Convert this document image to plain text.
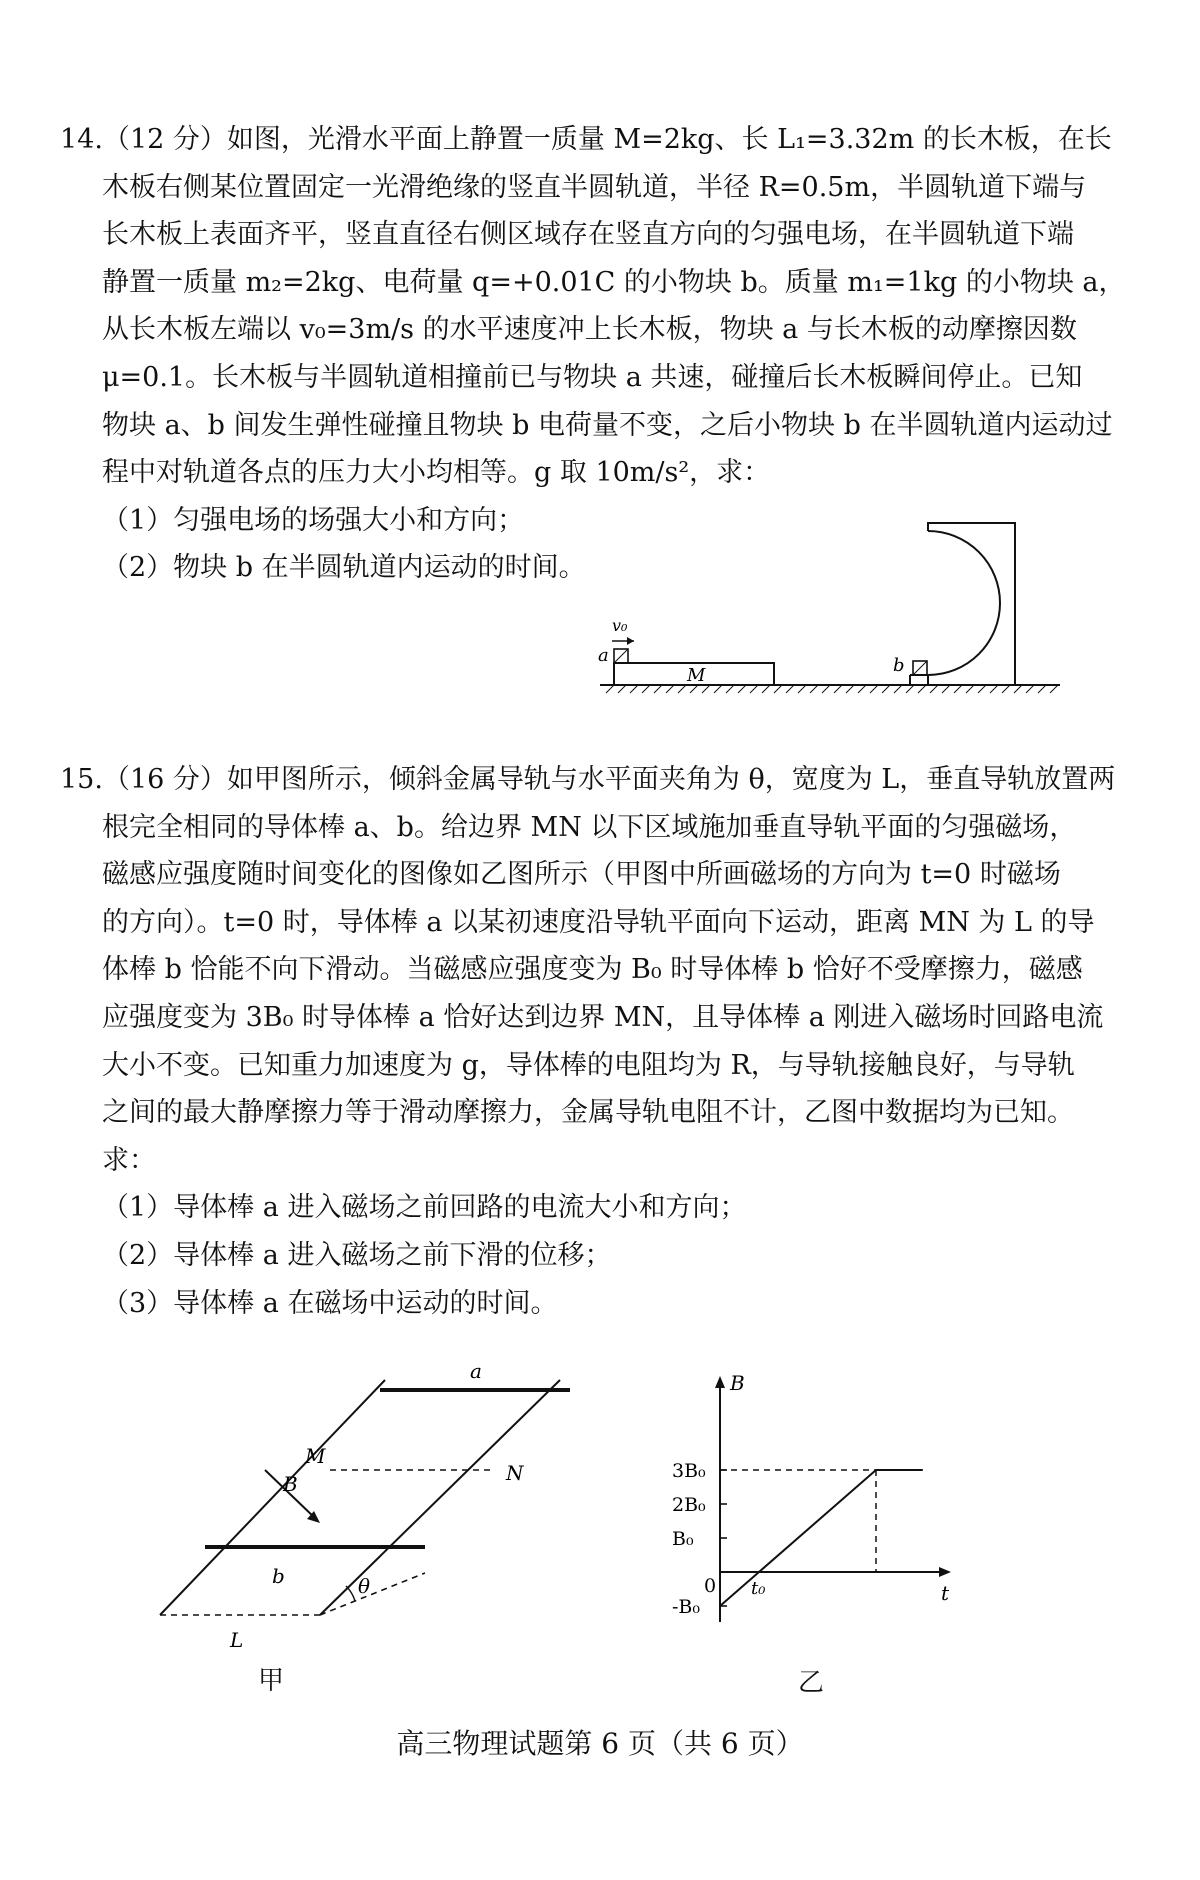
14.（12 分）如图，光滑水平面上静置一质量 M=2kg、长 L₁=3.32m 的长木板，在长
木板右侧某位置固定一光滑绝缘的竖直半圆轨道，半径 R=0.5m，半圆轨道下端与
长木板上表面齐平，竖直直径右侧区域存在竖直方向的匀强电场，在半圆轨道下端
静置一质量 m₂=2kg、电荷量 q=+0.01C 的小物块 b。质量 m₁=1kg 的小物块 a，
从长木板左端以 v₀=3m/s 的水平速度冲上长木板，物块 a 与长木板的动摩擦因数
μ=0.1。长木板与半圆轨道相撞前已与物块 a 共速，碰撞后长木板瞬间停止。已知
物块 a、b 间发生弹性碰撞且物块 b 电荷量不变，之后小物块 b 在半圆轨道内运动过
程中对轨道各点的压力大小均相等。g 取 10m/s²，求：
（1）匀强电场的场强大小和方向；
（2）物块 b 在半圆轨道内运动的时间。
M
a
v₀
b
15.（16 分）如甲图所示，倾斜金属导轨与水平面夹角为 θ，宽度为 L，垂直导轨放置两
根完全相同的导体棒 a、b。给边界 MN 以下区域施加垂直导轨平面的匀强磁场，
磁感应强度随时间变化的图像如乙图所示（甲图中所画磁场的方向为 t=0 时磁场
的方向）。t=0 时，导体棒 a 以某初速度沿导轨平面向下运动，距离 MN 为 L 的导
体棒 b 恰能不向下滑动。当磁感应强度变为 B₀ 时导体棒 b 恰好不受摩擦力，磁感
应强度变为 3B₀ 时导体棒 a 恰好达到边界 MN，且导体棒 a 刚进入磁场时回路电流
大小不变。已知重力加速度为 g，导体棒的电阻均为 R，与导轨接触良好，与导轨
之间的最大静摩擦力等于滑动摩擦力，金属导轨电阻不计，乙图中数据均为已知。
求：
（1）导体棒 a 进入磁场之前回路的电流大小和方向；
（2）导体棒 a 进入磁场之前下滑的位移；
（3）导体棒 a 在磁场中运动的时间。
θ
L
a
M
N
B
b
甲
B
t
-B₀
0
B₀
2B₀
3B₀
t₀
乙
高三物理试题第 6 页（共 6 页）
